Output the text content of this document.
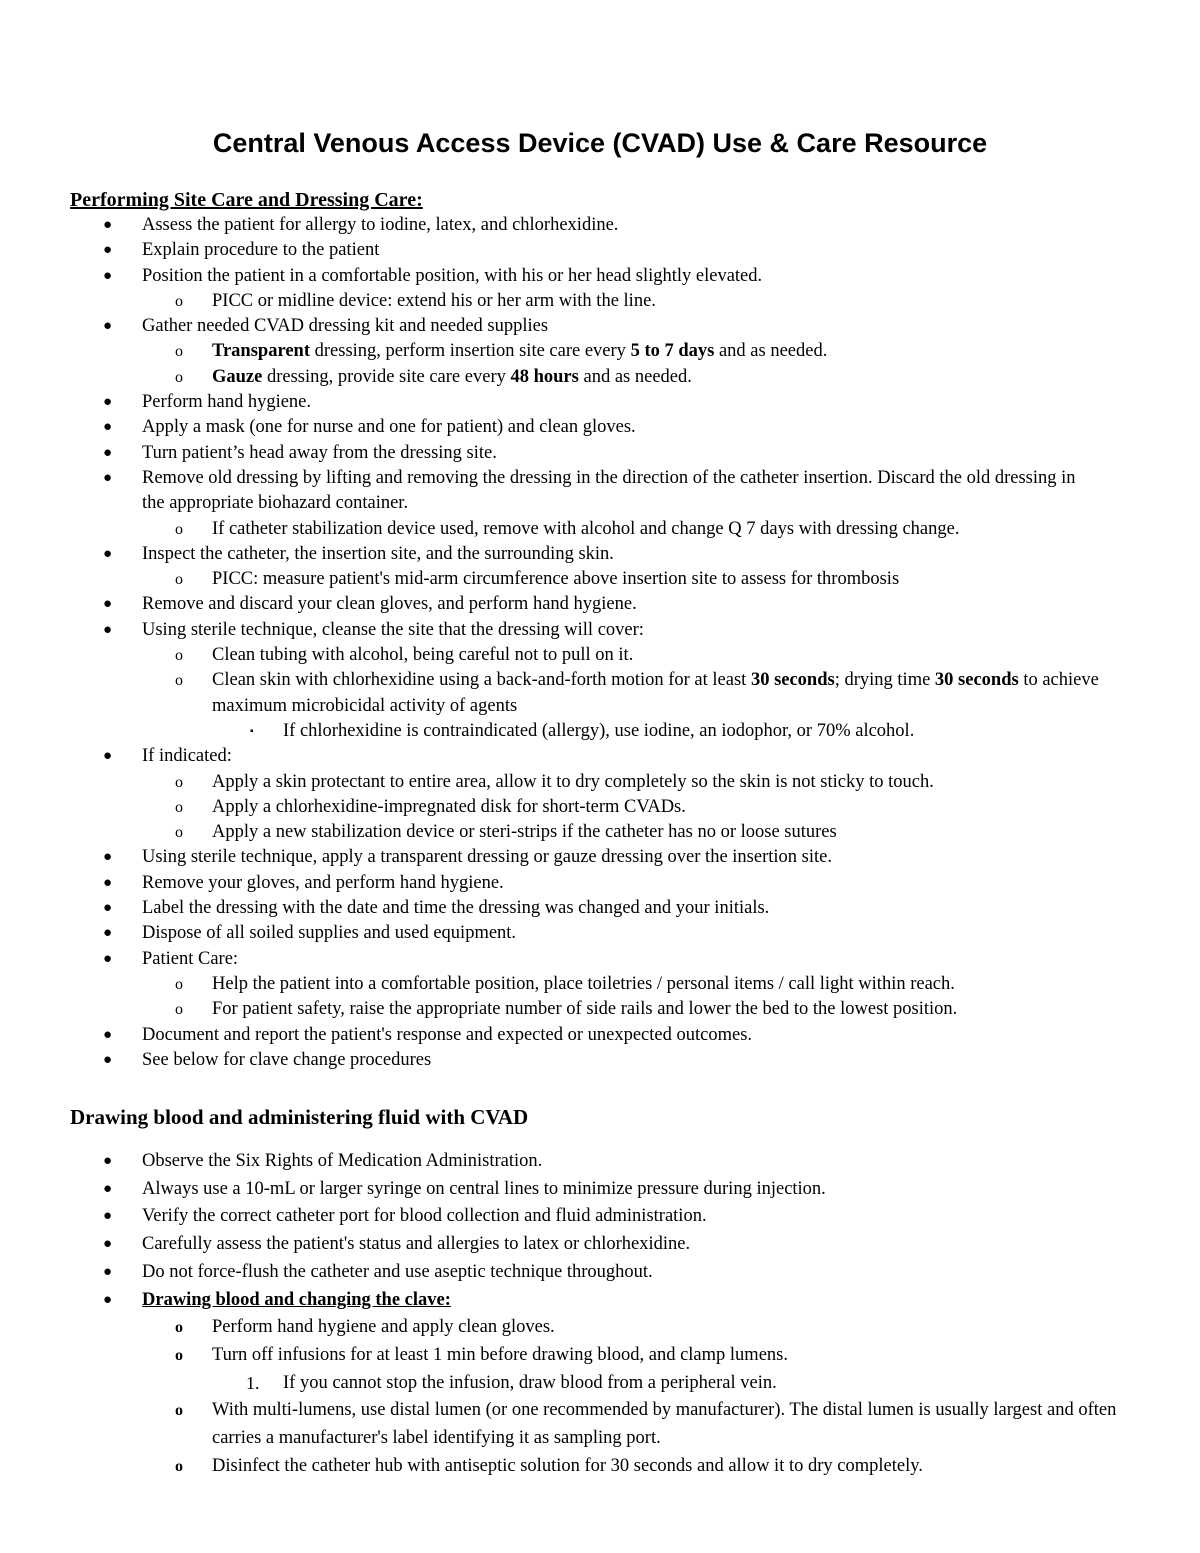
Central Venous Access Device (CVAD) Use & Care Resource
Performing Site Care and Dressing Care:
● Assess the patient for allergy to iodine, latex, and chlorhexidine.
● Explain procedure to the patient
● Position the patient in a comfortable position, with his or her head slightly elevated.
o PICC or midline device: extend his or her arm with the line.
● Gather needed CVAD dressing kit and needed supplies
o Transparent dressing, perform insertion site care every 5 to 7 days and as needed.
o Gauze dressing, provide site care every 48 hours and as needed.
● Perform hand hygiene.
● Apply a mask (one for nurse and one for patient) and clean gloves.
● Turn patient’s head away from the dressing site.
● Remove old dressing by lifting and removing the dressing in the direction of the catheter insertion. Discard the old dressing in the appropriate biohazard container.
o If catheter stabilization device used, remove with alcohol and change Q 7 days with dressing change.
● Inspect the catheter, the insertion site, and the surrounding skin.
o PICC: measure patient's mid-arm circumference above insertion site to assess for thrombosis
● Remove and discard your clean gloves, and perform hand hygiene.
● Using sterile technique, cleanse the site that the dressing will cover:
o Clean tubing with alcohol, being careful not to pull on it.
o Clean skin with chlorhexidine using a back-and-forth motion for at least 30 seconds; drying time 30 seconds to achieve maximum microbicidal activity of agents
▪ If chlorhexidine is contraindicated (allergy), use iodine, an iodophor, or 70% alcohol.
● If indicated:
o Apply a skin protectant to entire area, allow it to dry completely so the skin is not sticky to touch.
o Apply a chlorhexidine-impregnated disk for short-term CVADs.
o Apply a new stabilization device or steri-strips if the catheter has no or loose sutures
● Using sterile technique, apply a transparent dressing or gauze dressing over the insertion site.
● Remove your gloves, and perform hand hygiene.
● Label the dressing with the date and time the dressing was changed and your initials.
● Dispose of all soiled supplies and used equipment.
● Patient Care:
o Help the patient into a comfortable position, place toiletries / personal items / call light within reach.
o For patient safety, raise the appropriate number of side rails and lower the bed to the lowest position.
● Document and report the patient's response and expected or unexpected outcomes.
● See below for clave change procedures
Drawing blood and administering fluid with CVAD
● Observe the Six Rights of Medication Administration.
● Always use a 10-mL or larger syringe on central lines to minimize pressure during injection.
● Verify the correct catheter port for blood collection and fluid administration.
● Carefully assess the patient's status and allergies to latex or chlorhexidine.
● Do not force-flush the catheter and use aseptic technique throughout.
● Drawing blood and changing the clave:
o Perform hand hygiene and apply clean gloves.
o Turn off infusions for at least 1 min before drawing blood, and clamp lumens.
1. If you cannot stop the infusion, draw blood from a peripheral vein.
o With multi-lumens, use distal lumen (or one recommended by manufacturer). The distal lumen is usually largest and often carries a manufacturer's label identifying it as sampling port.
o Disinfect the catheter hub with antiseptic solution for 30 seconds and allow it to dry completely.
